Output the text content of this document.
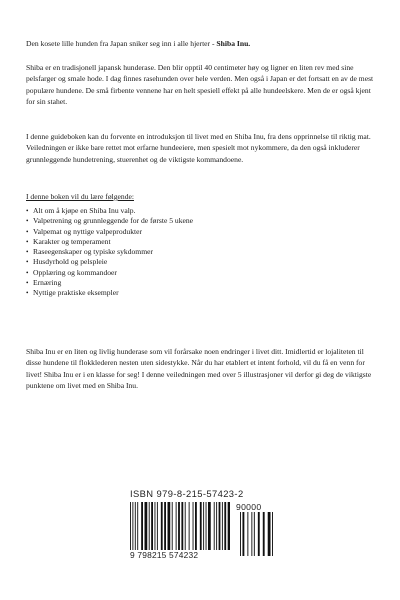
Den kosete lille hunden fra Japan sniker seg inn i alle hjerter - Shiba Inu.

Shiba er en tradisjonell japansk hunderase. Den blir opptil 40 centimeter høy og ligner en liten rev med sine pelsfarger og smale hode. I dag finnes rasehunden over hele verden. Men også i Japan er det fortsatt en av de mest populære hundene. De små firbente vennene har en helt spesiell effekt på alle hundeelskere. Men de er også kjent for sin stahet.

I denne guideboken kan du forvente en introduksjon til livet med en Shiba Inu, fra dens opprinnelse til riktig mat. Veiledningen er ikke bare rettet mot erfarne hundeeiere, men spesielt mot nykommere, da den også inkluderer grunnleggende hundetrening, stuerenhet og de viktigste kommandoene.

I denne boken vil du lære følgende:
• Alt om å kjøpe en Shiba Inu valp.
• Valpetrening og grunnleggende for de første 5 ukene
• Valpemat og nyttige valpeprodukter
• Karakter og temperament
• Raseegenskaper og typiske sykdommer
• Husdyrhold og pelspleie
• Opplæring og kommandoer
• Ernæring
• Nyttige praktiske eksempler

Shiba Inu er en liten og livlig hunderase som vil forårsake noen endringer i livet ditt. Imidlertid er lojaliteten til disse hundene til flokklederen nesten uten sidestykke. Når du har etablert et intent forhold, vil du få en venn for livet! Shiba Inu er i en klasse for seg! I denne veiledningen med over 5 illustrasjoner vil derfor gi deg de viktigste punktene om livet med en Shiba Inu.

ISBN 979-8-215-57423-2
90000
9 798215 574232
